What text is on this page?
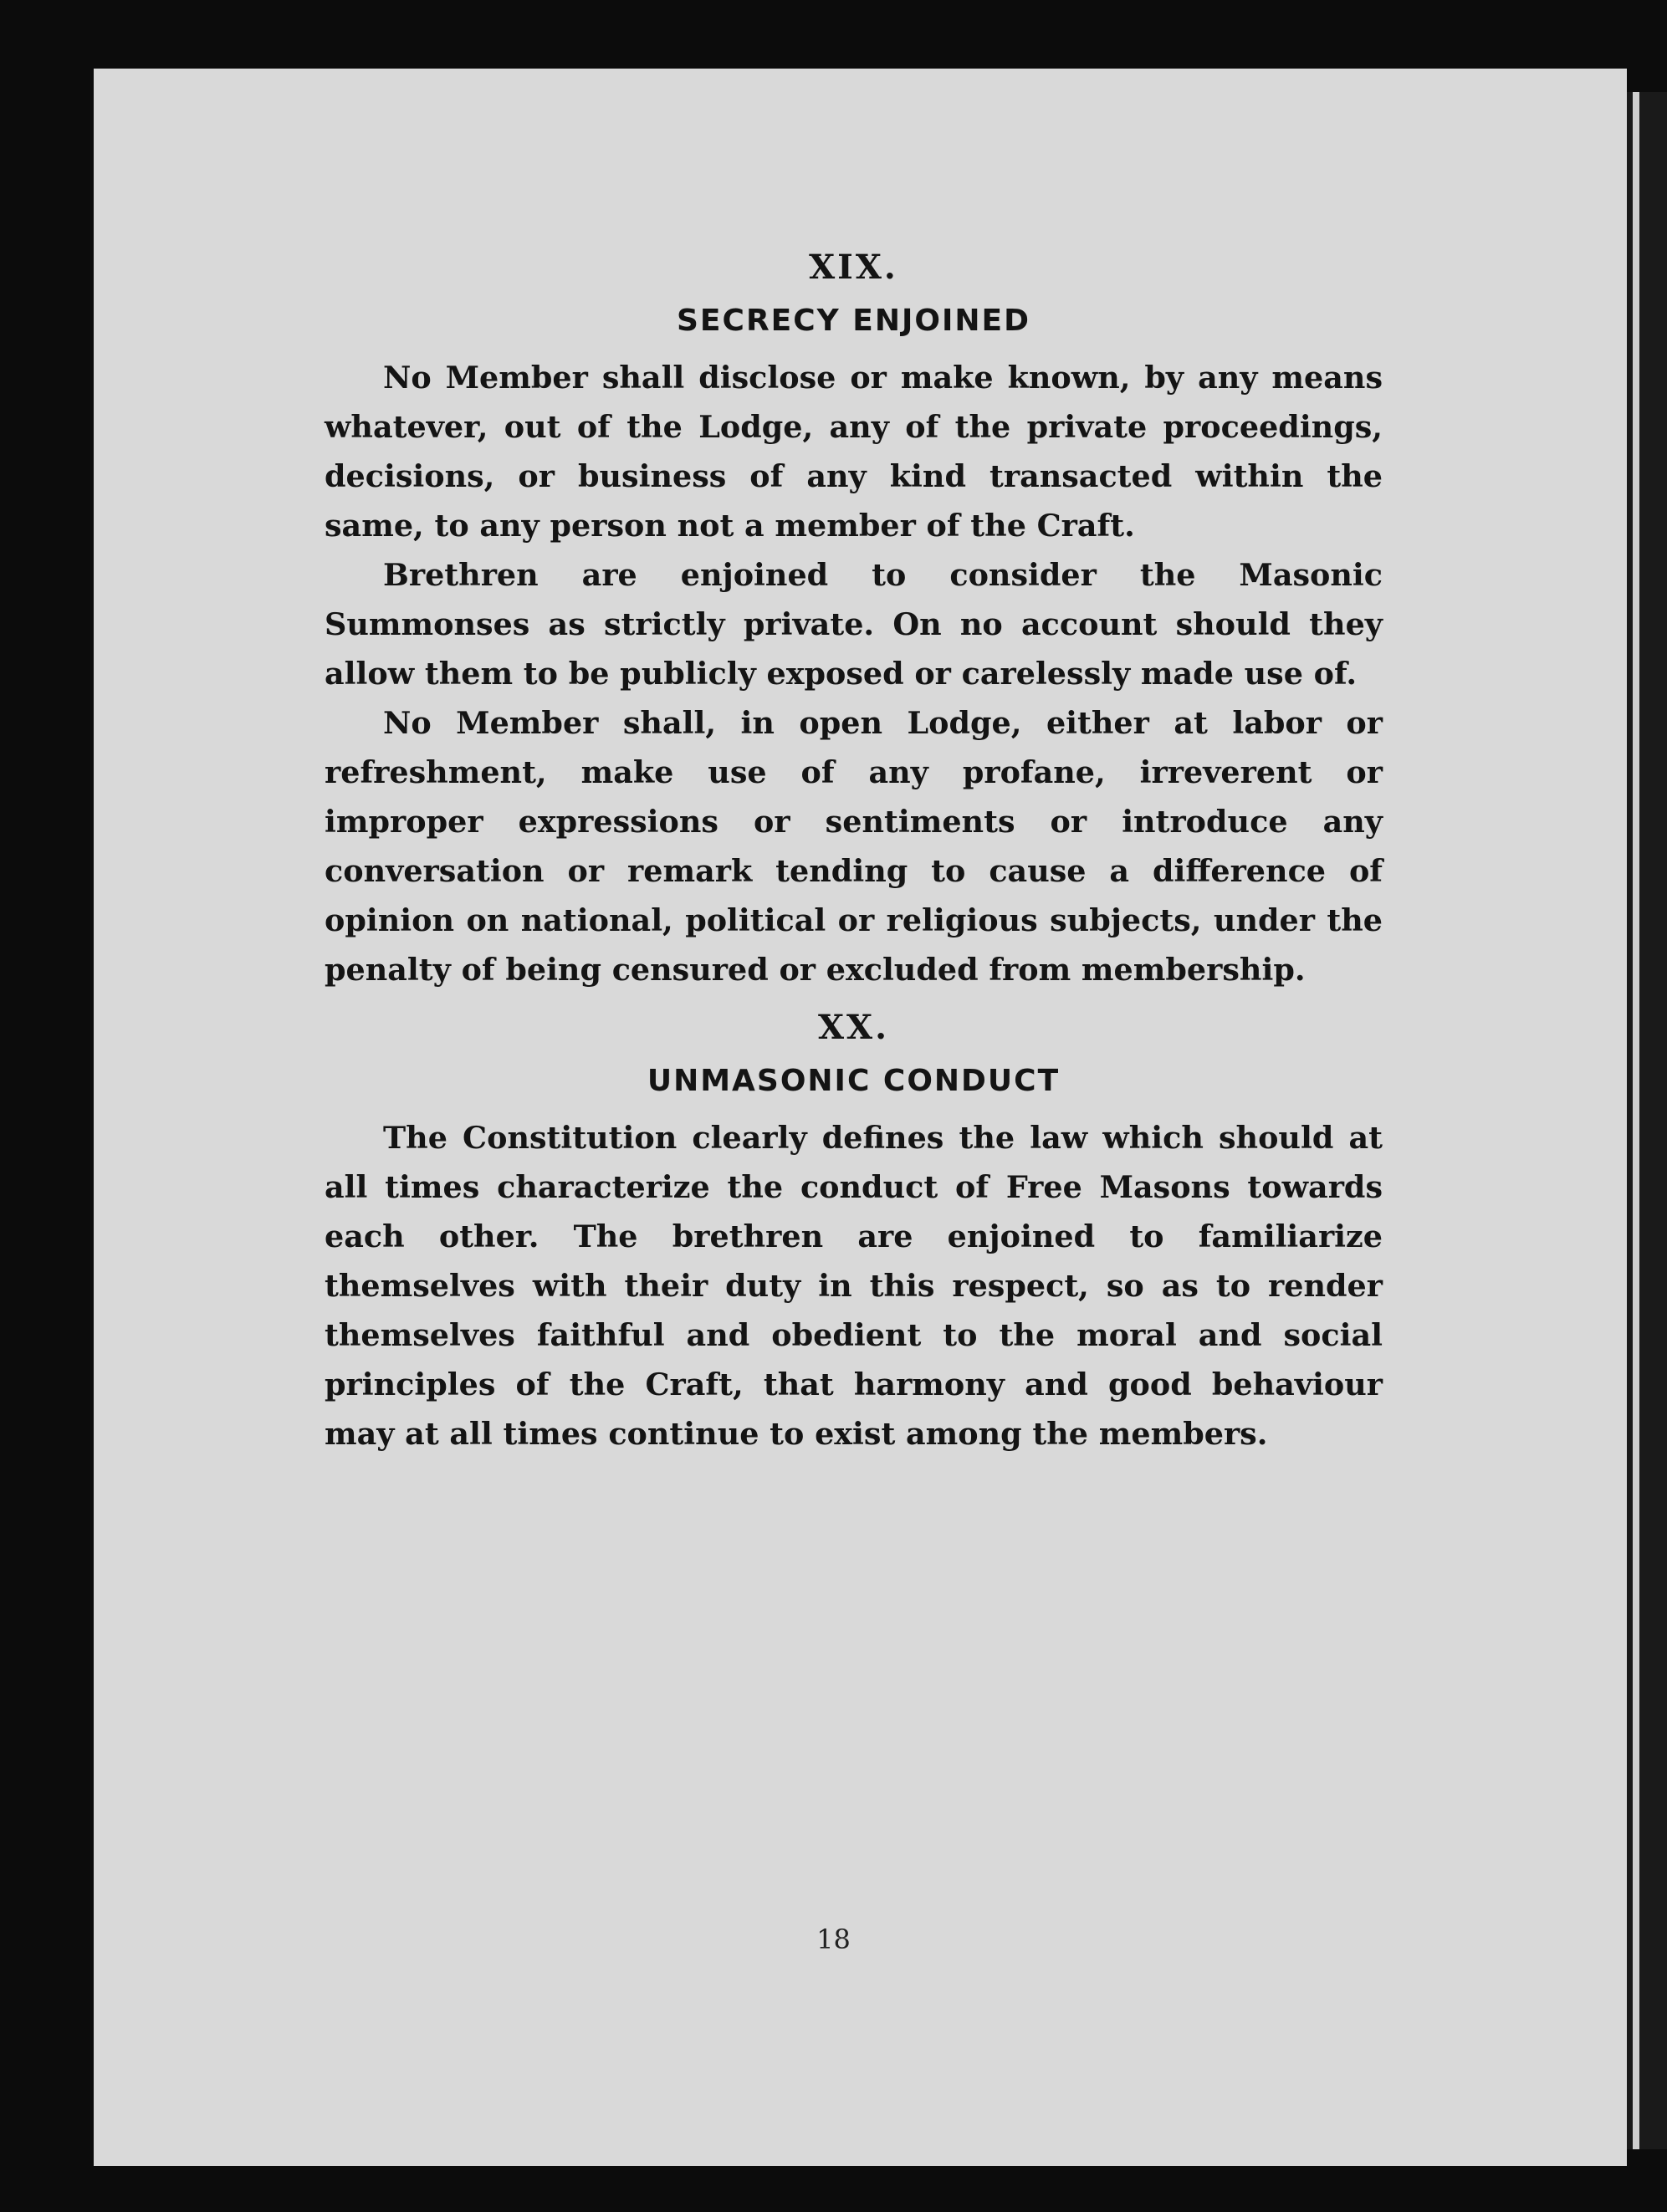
XIX.

SECRECY ENJOINED

No Member shall disclose or make known, by any means whatever, out of the Lodge, any of the private proceedings, decisions, or business of any kind transacted within the same, to any person not a member of the Craft.

Brethren are enjoined to consider the Masonic Summonses as strictly private. On no account should they allow them to be publicly exposed or carelessly made use of.

No Member shall, in open Lodge, either at labor or refreshment, make use of any profane, irreverent or improper expressions or sentiments or introduce any conversation or remark tending to cause a difference of opinion on national, political or religious subjects, under the penalty of being censured or excluded from membership.

XX.

UNMASONIC CONDUCT

The Constitution clearly defines the law which should at all times characterize the conduct of Free Masons towards each other. The brethren are enjoined to familiarize themselves with their duty in this respect, so as to render themselves faithful and obedient to the moral and social principles of the Craft, that harmony and good behaviour may at all times continue to exist among the members.

18
